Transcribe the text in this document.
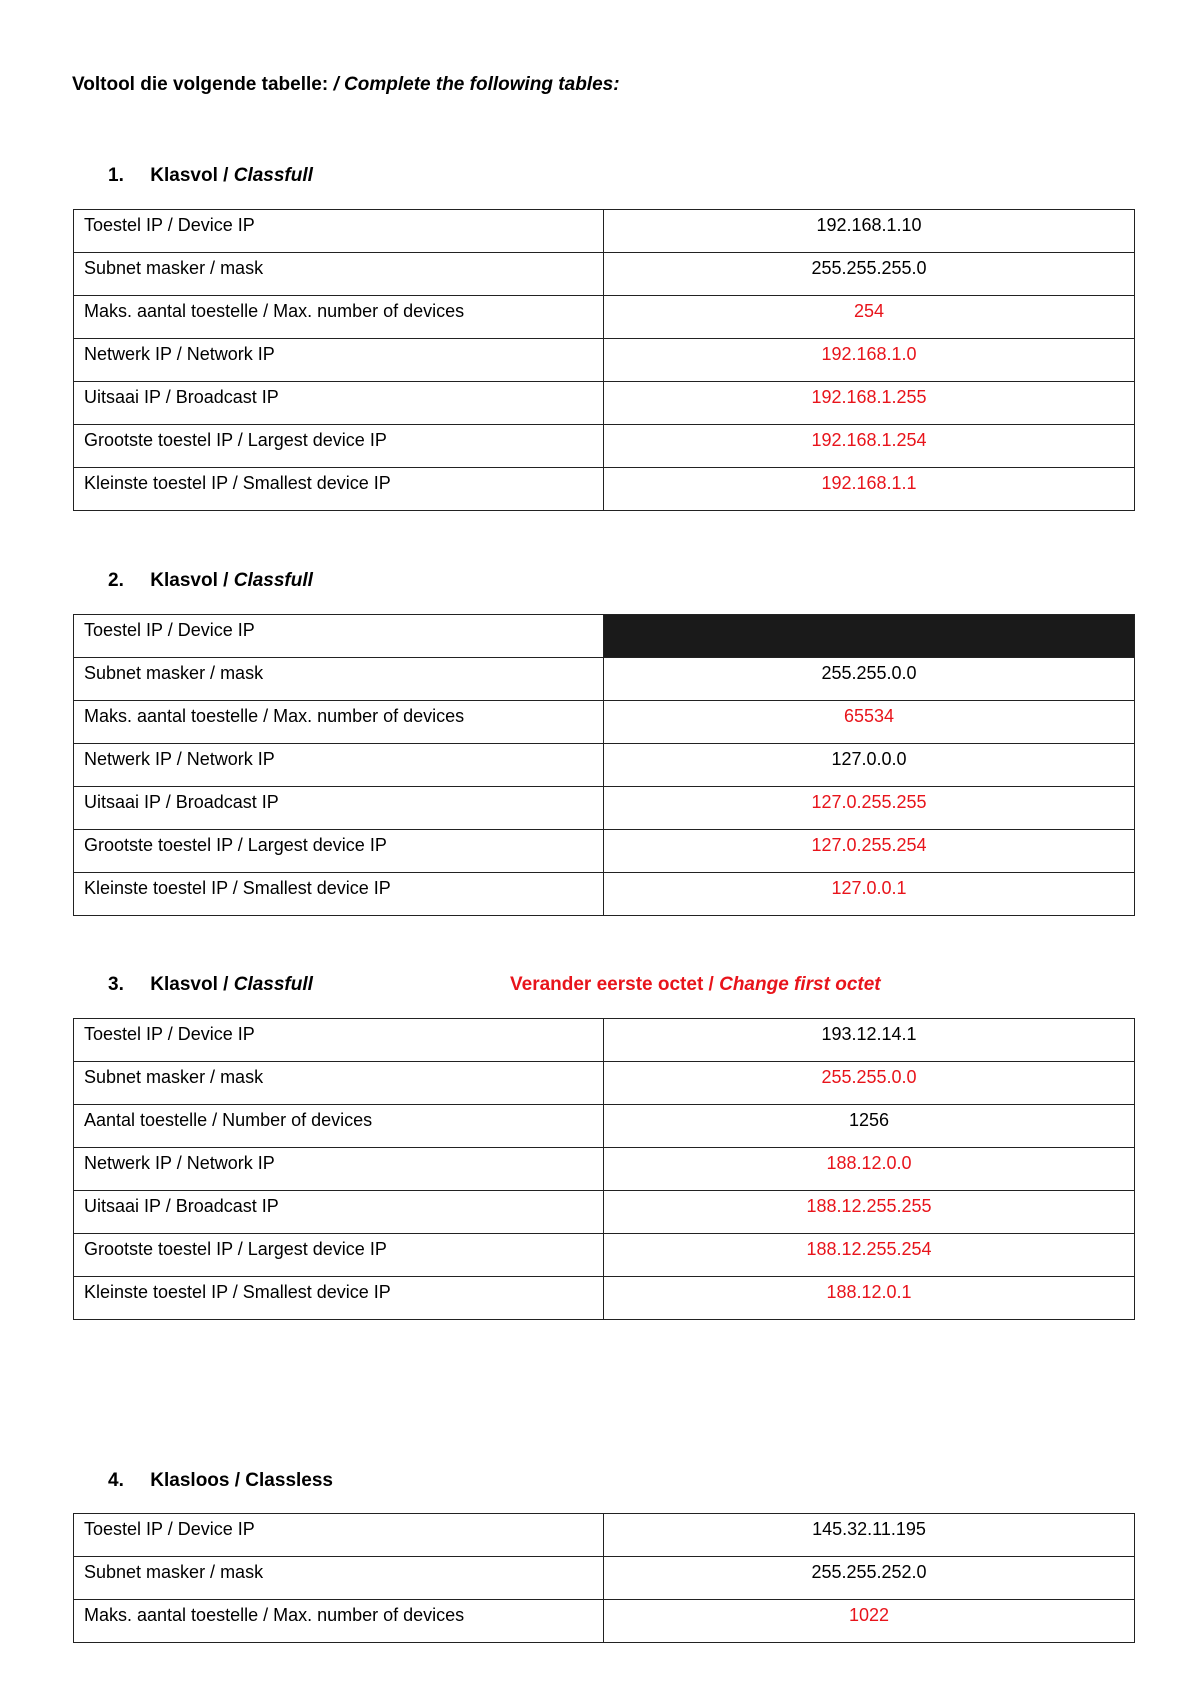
Voltool die volgende tabelle: / Complete the following tables:
1. Klasvol / Classfull
Toestel IP / Device IP	192.168.1.10
Subnet masker / mask	255.255.255.0
Maks. aantal toestelle / Max. number of devices	254
Netwerk IP / Network IP	192.168.1.0
Uitsaai IP / Broadcast IP	192.168.1.255
Grootste toestel IP / Largest device IP	192.168.1.254
Kleinste toestel IP / Smallest device IP	192.168.1.1
2. Klasvol / Classfull
Toestel IP / Device IP	
Subnet masker / mask	255.255.0.0
Maks. aantal toestelle / Max. number of devices	65534
Netwerk IP / Network IP	127.0.0.0
Uitsaai IP / Broadcast IP	127.0.255.255
Grootste toestel IP / Largest device IP	127.0.255.254
Kleinste toestel IP / Smallest device IP	127.0.0.1
3. Klasvol / Classfull	Verander eerste octet / Change first octet
Toestel IP / Device IP	193.12.14.1
Subnet masker / mask	255.255.0.0
Aantal toestelle / Number of devices	1256
Netwerk IP / Network IP	188.12.0.0
Uitsaai IP / Broadcast IP	188.12.255.255
Grootste toestel IP / Largest device IP	188.12.255.254
Kleinste toestel IP / Smallest device IP	188.12.0.1
4. Klasloos / Classless
Toestel IP / Device IP	145.32.11.195
Subnet masker / mask	255.255.252.0
Maks. aantal toestelle / Max. number of devices	1022
